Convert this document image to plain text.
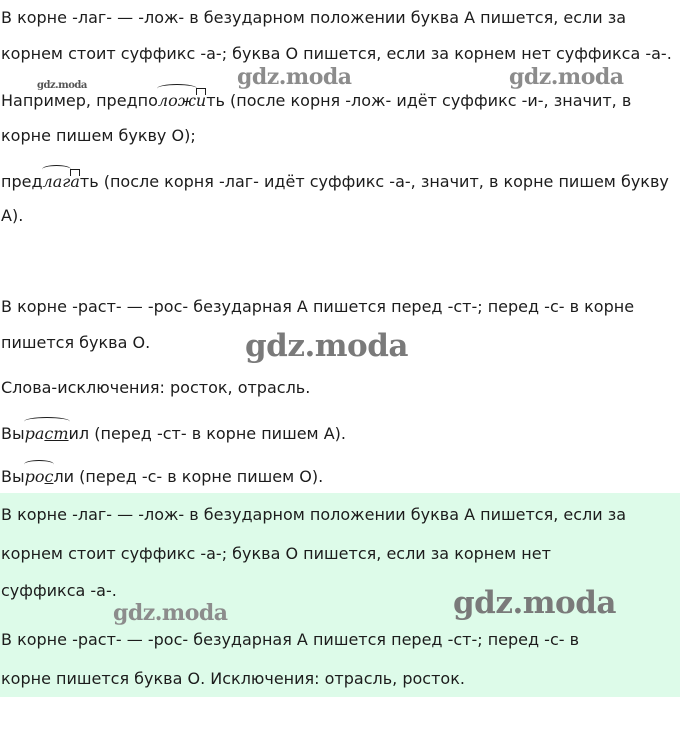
В корне -лаг- — -лож- в безударном положении буква А пишется, если за
корнем стоит суффикс -а-; буква О пишется, если за корнем нет суффикса -а-.
Например, предпо
лож
ить (после корня -лож- идёт суффикс -и-, значит, в
корне пишем букву О);
пред
лаг
ать (после корня -лаг- идёт суффикс -а-, значит, в корне пишем букву
А).
В корне -раст- — -рос- безударная А пишется перед -ст-; перед -с- в корне
пишется буква О.
Слова-исключения: росток, отрасль.
Вы
растил (перед -ст- в корне пишем А).
Вы
росли (перед -с- в корне пишем О).
В корне -лаг- — -лож- в безударном положении буква А пишется, если за
корнем стоит суффикс -а-; буква О пишется, если за корнем нет
суффикса -а-.
В корне -раст- — -рос- безударная А пишется перед -ст-; перед -с- в
корне пишется буква О. Исключения: отрасль, росток.
gdz.moda	gdz.moda	gdz.moda
gdz.moda
gdz.moda	gdz.moda
